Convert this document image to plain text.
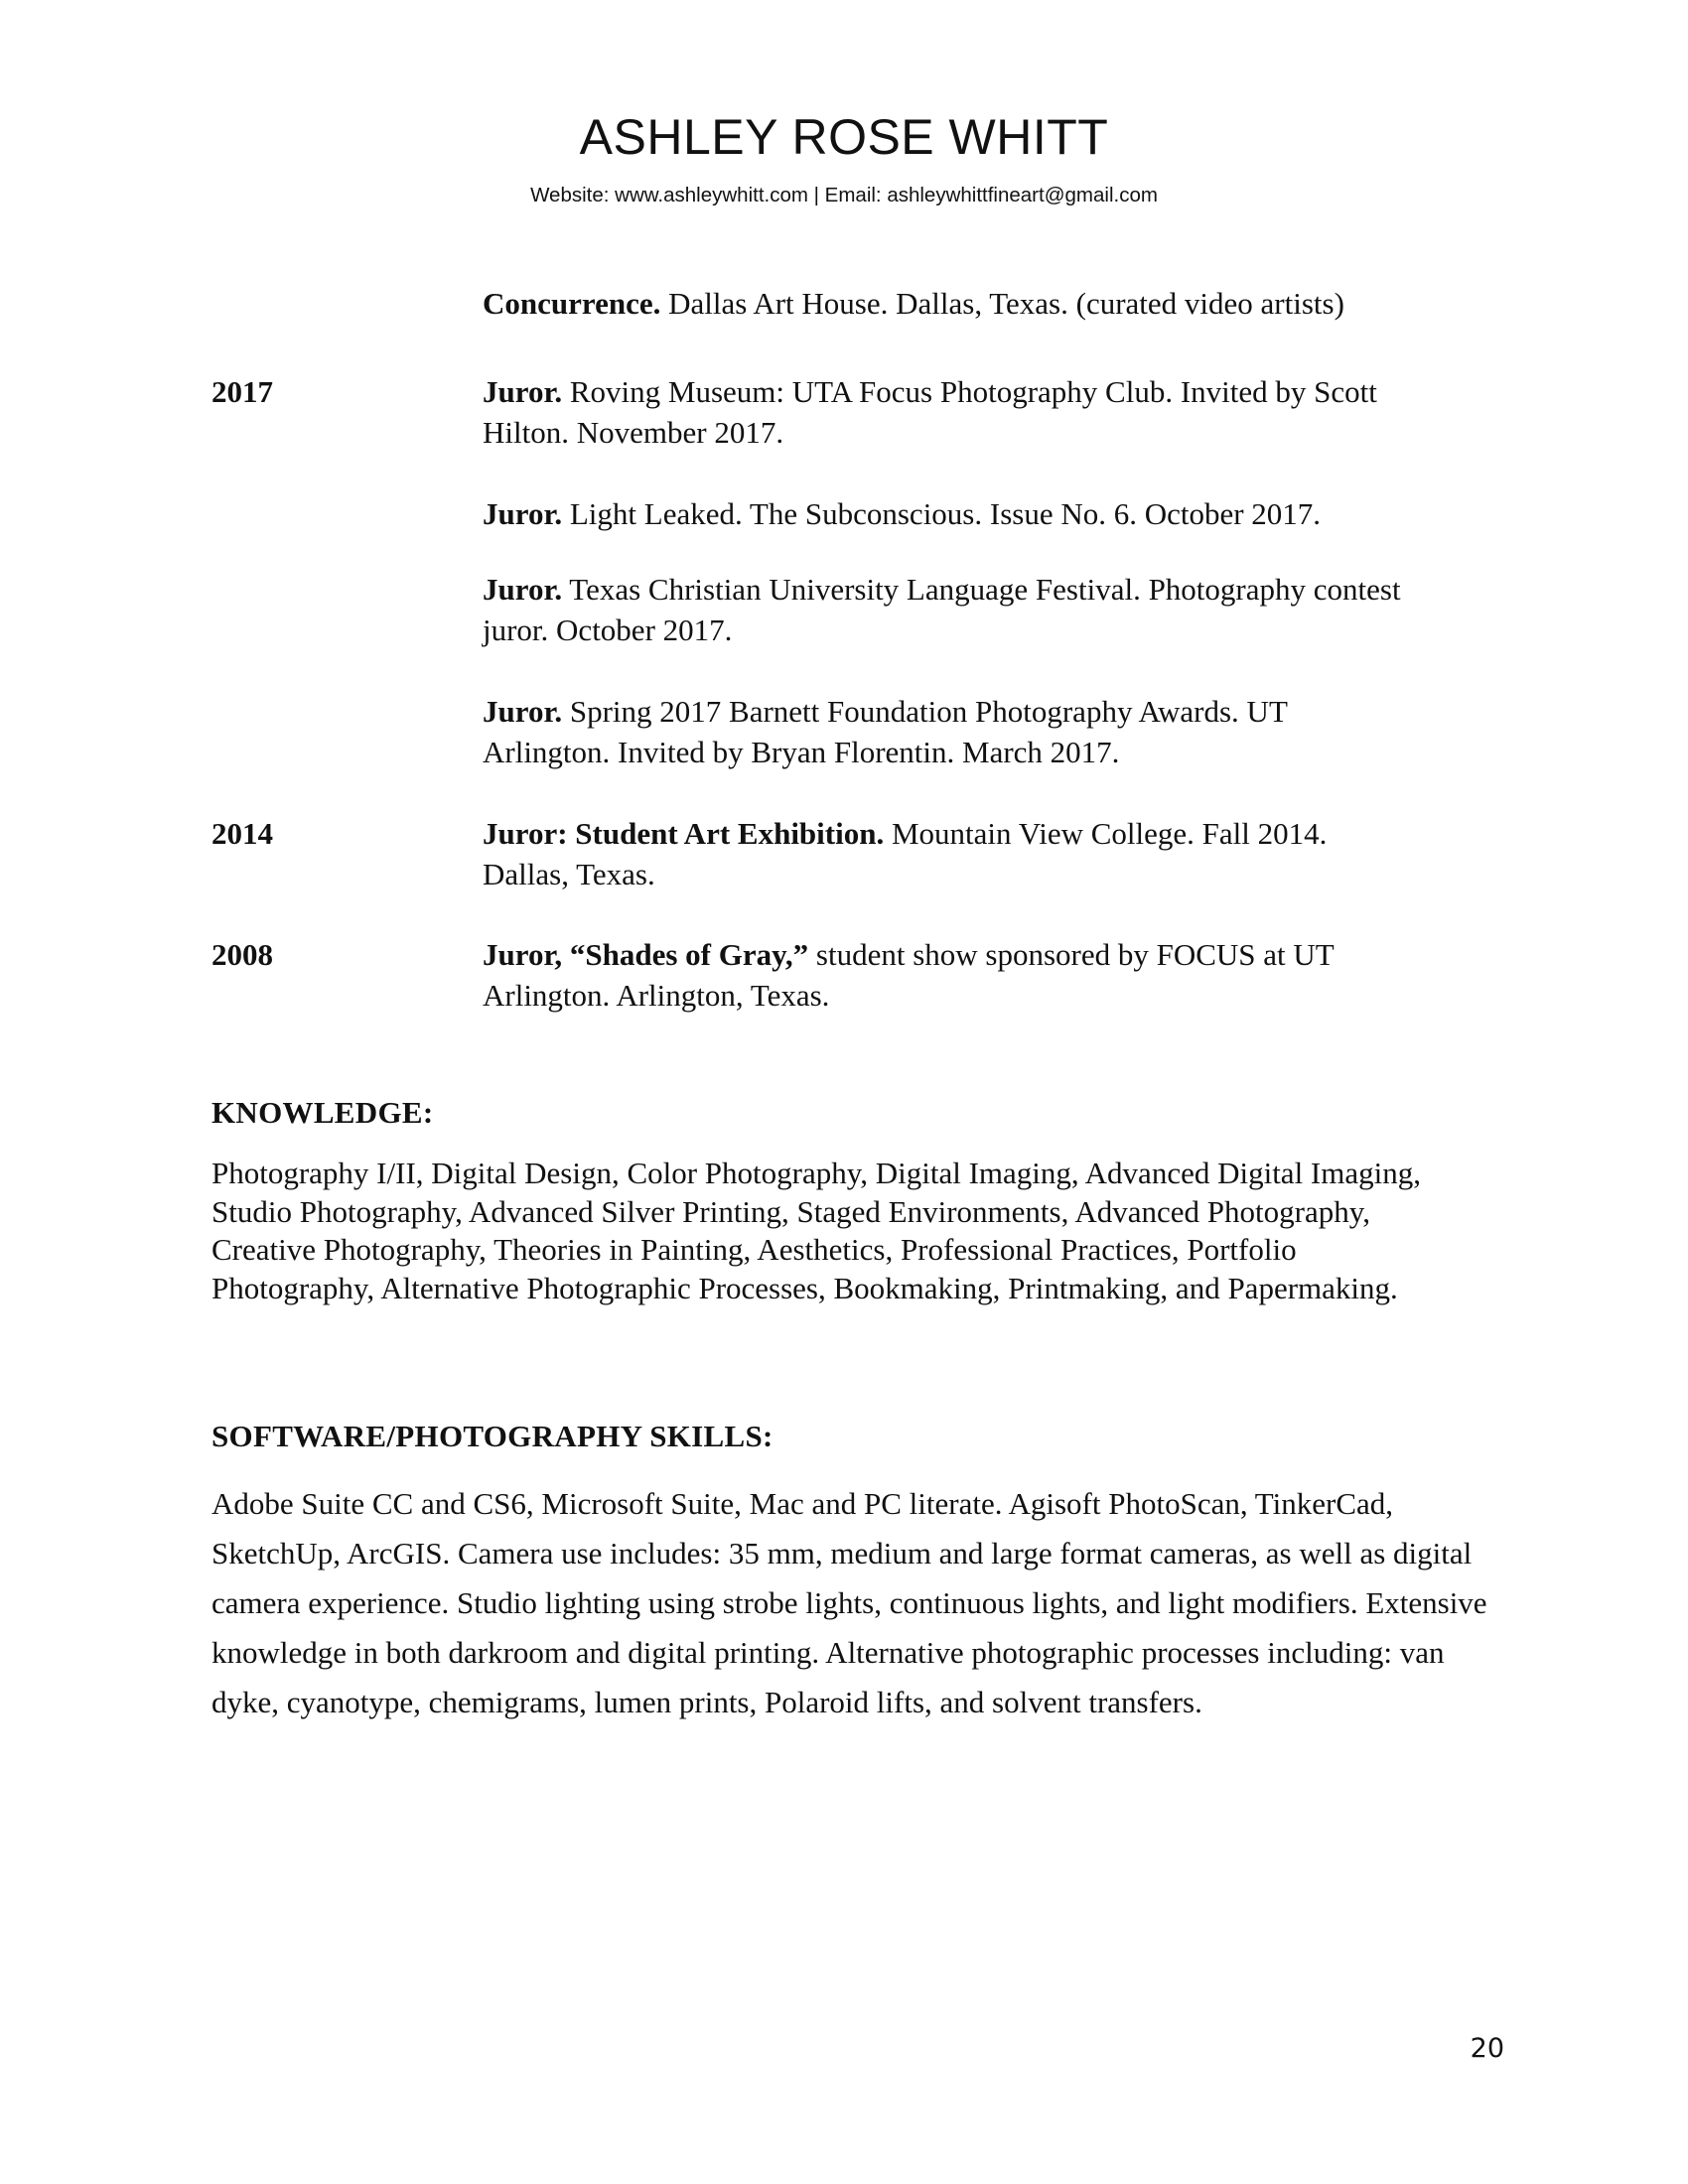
ASHLEY ROSE WHITT
Website: www.ashleywhitt.com | Email: ashleywhittfineart@gmail.com
Concurrence. Dallas Art House. Dallas, Texas. (curated video artists)
2017	Juror. Roving Museum: UTA Focus Photography Club. Invited by Scott Hilton. November 2017.
Juror. Light Leaked. The Subconscious. Issue No. 6. October 2017.
Juror. Texas Christian University Language Festival. Photography contest juror. October 2017.
Juror. Spring 2017 Barnett Foundation Photography Awards. UT Arlington. Invited by Bryan Florentin. March 2017.
2014	Juror: Student Art Exhibition. Mountain View College. Fall 2014. Dallas, Texas.
2008	Juror, “Shades of Gray,” student show sponsored by FOCUS at UT Arlington. Arlington, Texas.
KNOWLEDGE:
Photography I/II, Digital Design, Color Photography, Digital Imaging, Advanced Digital Imaging, Studio Photography, Advanced Silver Printing, Staged Environments, Advanced Photography, Creative Photography, Theories in Painting, Aesthetics, Professional Practices, Portfolio Photography, Alternative Photographic Processes, Bookmaking, Printmaking, and Papermaking.
SOFTWARE/PHOTOGRAPHY SKILLS:
Adobe Suite CC and CS6, Microsoft Suite, Mac and PC literate. Agisoft PhotoScan, TinkerCad, SketchUp, ArcGIS. Camera use includes: 35 mm, medium and large format cameras, as well as digital camera experience. Studio lighting using strobe lights, continuous lights, and light modifiers. Extensive knowledge in both darkroom and digital printing. Alternative photographic processes including: van dyke, cyanotype, chemigrams, lumen prints, Polaroid lifts, and solvent transfers.
20
